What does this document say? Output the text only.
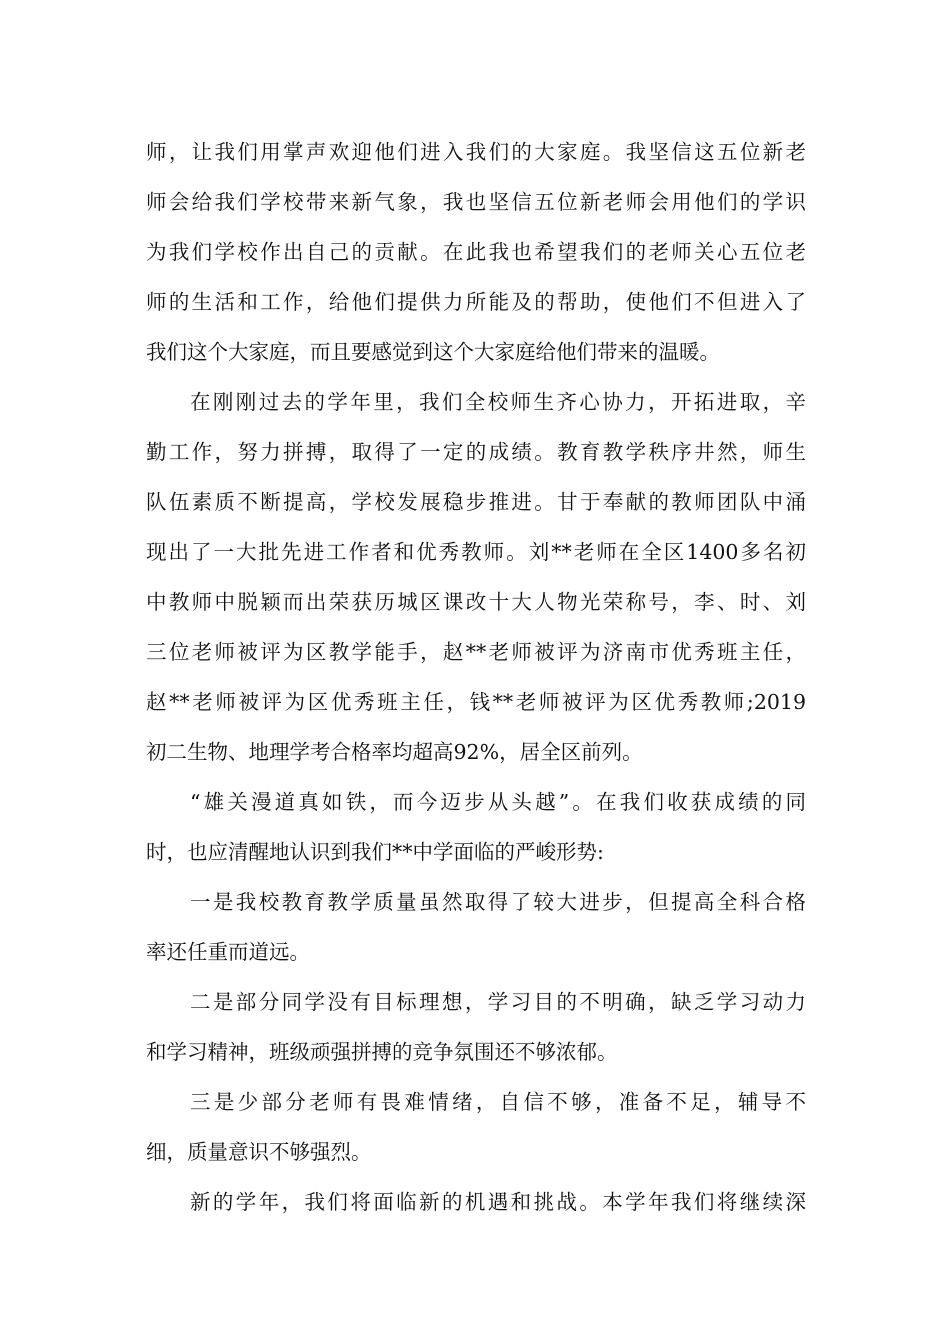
师，让我们用掌声欢迎他们进入我们的大家庭。我坚信这五位新老
师会给我们学校带来新气象，我也坚信五位新老师会用他们的学识
为我们学校作出自己的贡献。在此我也希望我们的老师关心五位老
师的生活和工作，给他们提供力所能及的帮助，使他们不但进入了
我们这个大家庭，而且要感觉到这个大家庭给他们带来的温暖。
在刚刚过去的学年里，我们全校师生齐心协力，开拓进取，辛
勤工作，努力拼搏，取得了一定的成绩。教育教学秩序井然，师生
队伍素质不断提高，学校发展稳步推进。甘于奉献的教师团队中涌
现出了一大批先进工作者和优秀教师。刘**老师在全区1400多名初
中教师中脱颖而出荣获历城区课改十大人物光荣称号，李、时、刘
三位老师被评为区教学能手，赵**老师被评为济南市优秀班主任，
赵**老师被评为区优秀班主任，钱**老师被评为区优秀教师;2019
初二生物、地理学考合格率均超高92%，居全区前列。
“雄关漫道真如铁，而今迈步从头越”。在我们收获成绩的同
时，也应清醒地认识到我们**中学面临的严峻形势:
一是我校教育教学质量虽然取得了较大进步，但提高全科合格
率还任重而道远。
二是部分同学没有目标理想，学习目的不明确，缺乏学习动力
和学习精神，班级顽强拼搏的竞争氛围还不够浓郁。
三是少部分老师有畏难情绪，自信不够，准备不足，辅导不
细，质量意识不够强烈。
新的学年，我们将面临新的机遇和挑战。本学年我们将继续深
